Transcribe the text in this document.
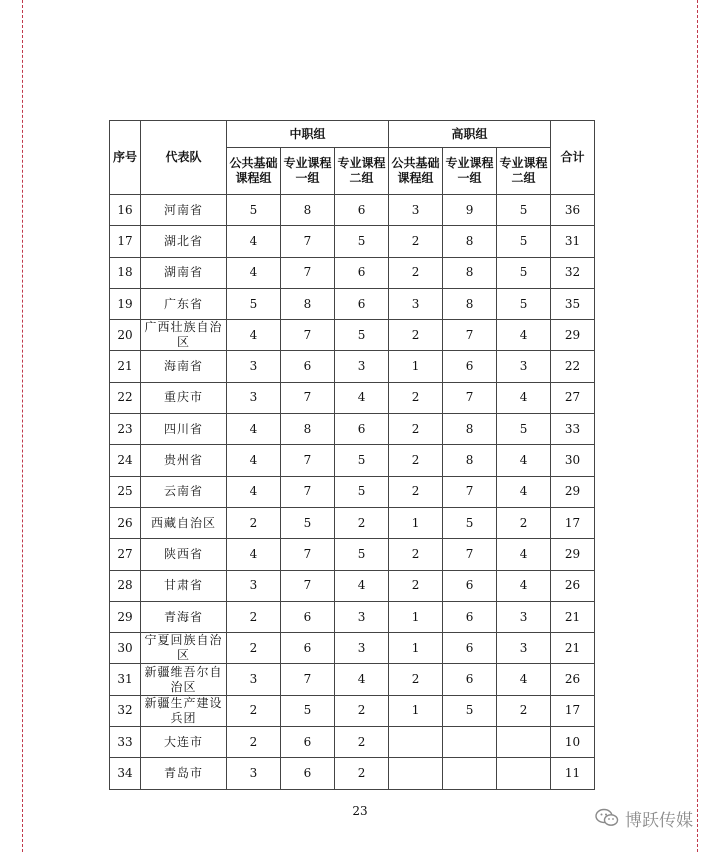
序号	代表队	中职组			高职组			合计
		公共基础课程组	专业课程一组	专业课程二组	公共基础课程组	专业课程一组	专业课程二组	
16	河南省	5	8	6	3	9	5	36
17	湖北省	4	7	5	2	8	5	31
18	湖南省	4	7	6	2	8	5	32
19	广东省	5	8	6	3	8	5	35
20	广西壮族自治区	4	7	5	2	7	4	29
21	海南省	3	6	3	1	6	3	22
22	重庆市	3	7	4	2	7	4	27
23	四川省	4	8	6	2	8	5	33
24	贵州省	4	7	5	2	8	4	30
25	云南省	4	7	5	2	7	4	29
26	西藏自治区	2	5	2	1	5	2	17
27	陕西省	4	7	5	2	7	4	29
28	甘肃省	3	7	4	2	6	4	26
29	青海省	2	6	3	1	6	3	21
30	宁夏回族自治区	2	6	3	1	6	3	21
31	新疆维吾尔自治区	3	7	4	2	6	4	26
32	新疆生产建设兵团	2	5	2	1	5	2	17
33	大连市	2	6	2				10
34	青岛市	3	6	2				11
23	博跃传媒
